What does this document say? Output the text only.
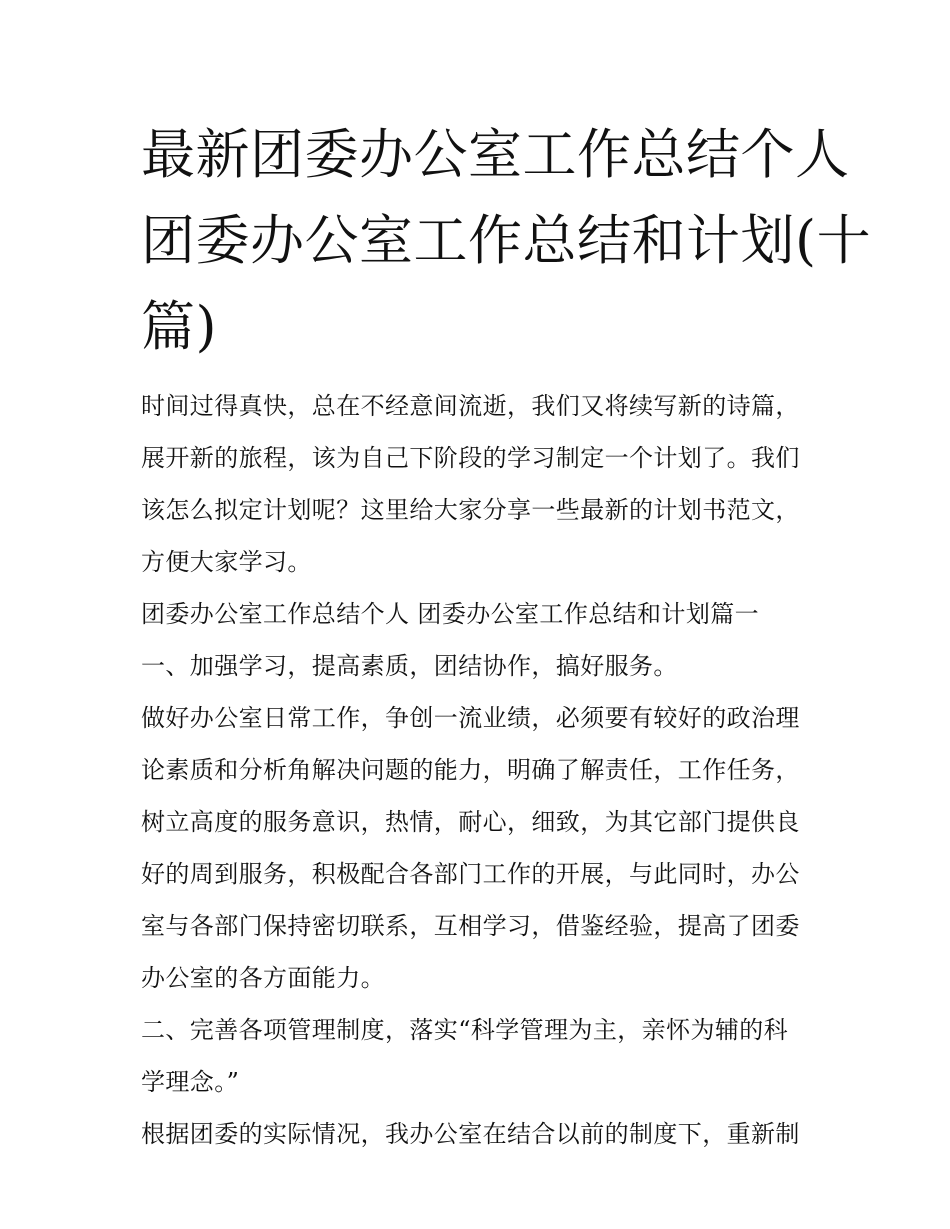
最新团委办公室工作总结个人
团委办公室工作总结和计划(十
篇)

时间过得真快，总在不经意间流逝，我们又将续写新的诗篇，
展开新的旅程，该为自己下阶段的学习制定一个计划了。我们
该怎么拟定计划呢？这里给大家分享一些最新的计划书范文，
方便大家学习。

团委办公室工作总结个人 团委办公室工作总结和计划篇一

一、加强学习，提高素质，团结协作，搞好服务。

做好办公室日常工作，争创一流业绩，必须要有较好的政治理
论素质和分析角解决问题的能力，明确了解责任，工作任务，
树立高度的服务意识，热情，耐心，细致，为其它部门提供良
好的周到服务，积极配合各部门工作的开展，与此同时，办公
室与各部门保持密切联系，互相学习，借鉴经验，提高了团委
办公室的各方面能力。

二、完善各项管理制度，落实“科学管理为主，亲怀为辅的科
学理念。”

根据团委的实际情况，我办公室在结合以前的制度下，重新制
